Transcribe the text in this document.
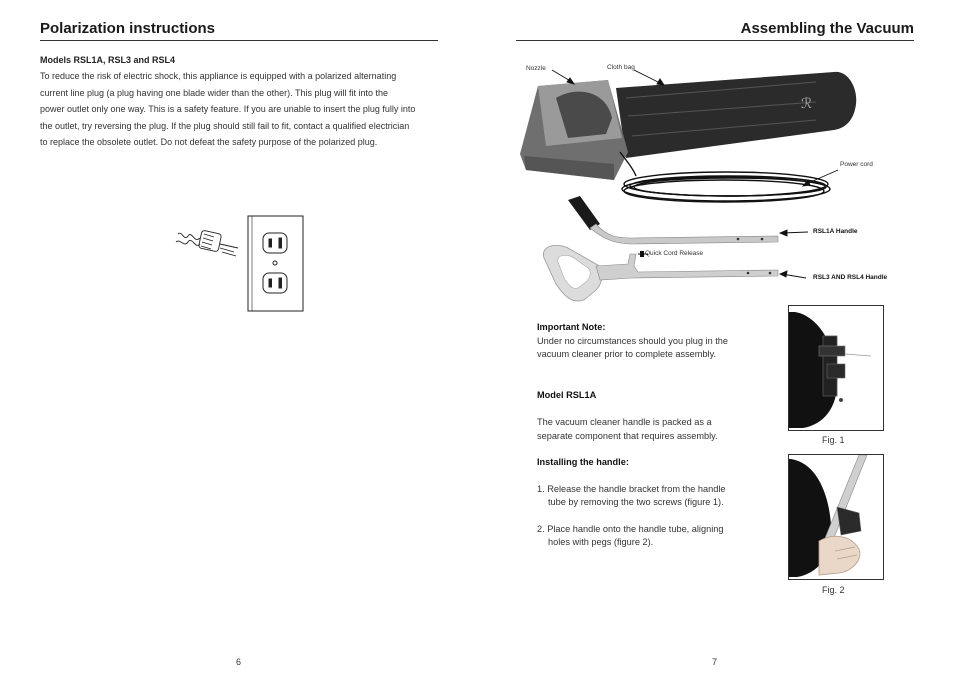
Polarization instructions
Models RSL1A, RSL3 and RSL4
To reduce the risk of electric shock, this appliance is equipped with a polarized alternating
current line plug (a plug having one blade wider than the other). This plug will fit into the
power outlet only one way. This is a safety feature. If you are unable to insert the plug fully into
the outlet, try reversing the plug. If the plug should still fail to fit, contact a qualified electrician
to replace the obsolete outlet. Do not defeat the safety purpose of the polarized plug.
6
Assembling the Vacuum
ℛ
Nozzle	Cloth bag
Power cord
RSL1A Handle
Quick Cord Release
RSL3 AND RSL4 Handle
Important Note:
Under no circumstances should you plug in the
vacuum cleaner prior to complete assembly.
Model RSL1A
The vacuum cleaner handle is packed as a
separate component that requires assembly.
Installing the handle:
1. Release the handle bracket from the handle
tube by removing the two screws (figure 1).
2. Place handle onto the handle tube, aligning
holes with pegs (figure 2).
Fig. 1
Fig. 2
7
